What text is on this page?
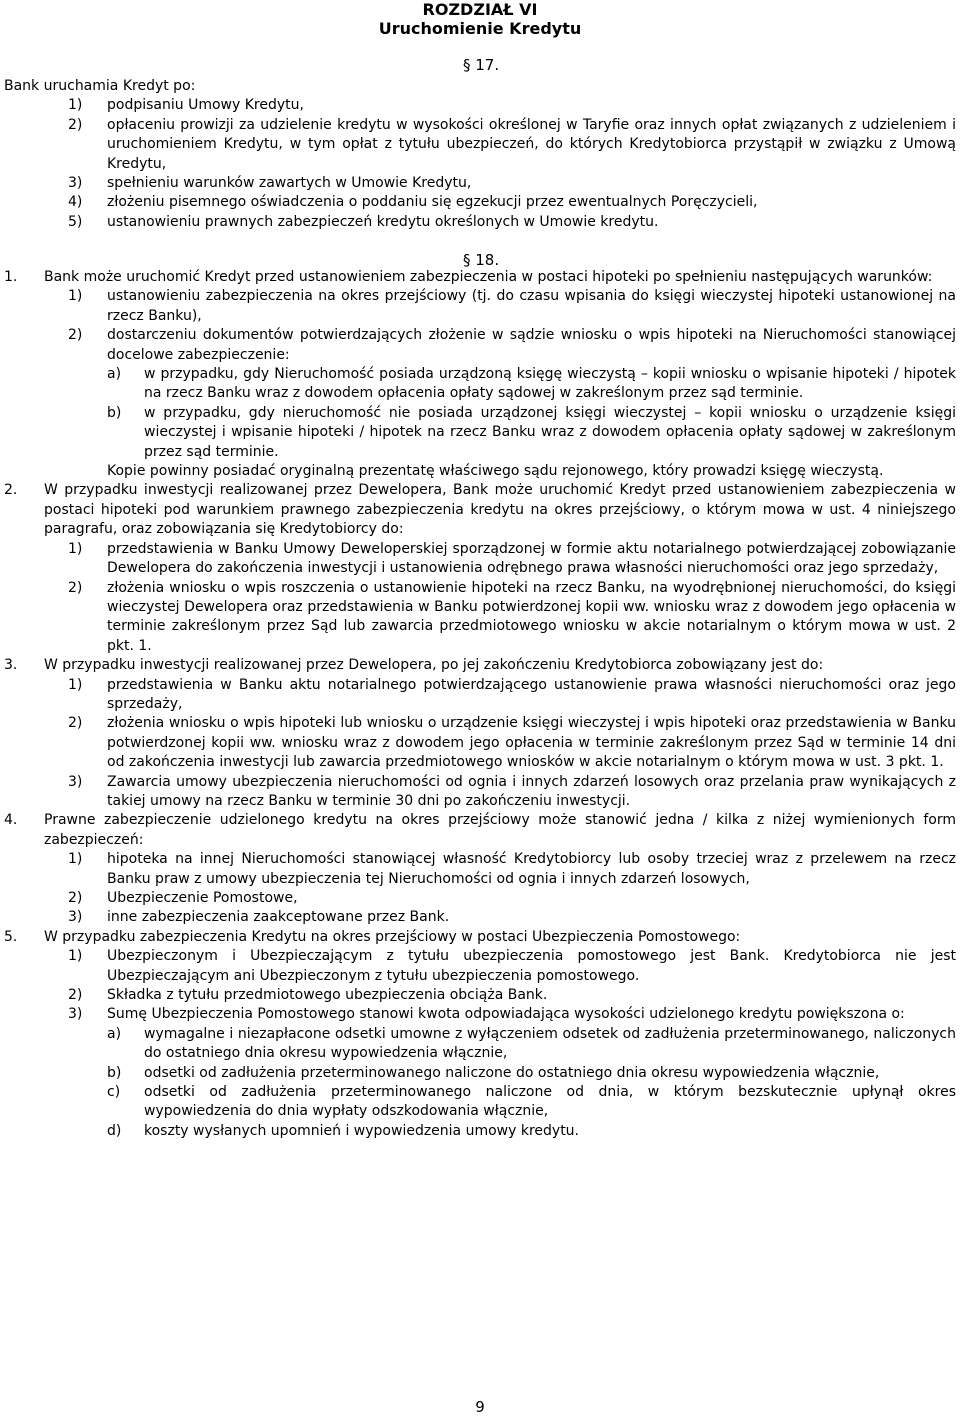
ROZDZIAŁ VI
Uruchomienie Kredytu
§ 17.
Bank uruchamia Kredyt po:
1) podpisaniu Umowy Kredytu,
2) opłaceniu prowizji za udzielenie kredytu w wysokości określonej w Taryfie oraz innych opłat związanych z udzieleniem i uruchomieniem Kredytu, w tym opłat z tytułu ubezpieczeń, do których Kredytobiorca przystąpił w związku z Umową Kredytu,
3) spełnieniu warunków zawartych w Umowie Kredytu,
4) złożeniu pisemnego oświadczenia o poddaniu się egzekucji przez ewentualnych Poręczycieli,
5) ustanowieniu prawnych zabezpieczeń kredytu określonych w Umowie kredytu.
§ 18.
1. Bank może uruchomić Kredyt przed ustanowieniem zabezpieczenia w postaci hipoteki po spełnieniu następujących warunków:
1) ustanowieniu zabezpieczenia na okres przejściowy (tj. do czasu wpisania do księgi wieczystej hipoteki ustanowionej na rzecz Banku),
2) dostarczeniu dokumentów potwierdzających złożenie w sądzie wniosku o wpis hipoteki na Nieruchomości stanowiącej docelowe zabezpieczenie:
a) w przypadku, gdy Nieruchomość posiada urządzoną księgę wieczystą – kopii wniosku o wpisanie hipoteki / hipotek na rzecz Banku wraz z dowodem opłacenia opłaty sądowej w zakreślonym przez sąd terminie.
b) w przypadku, gdy nieruchomość nie posiada urządzonej księgi wieczystej – kopii wniosku o urządzenie księgi wieczystej i wpisanie hipoteki / hipotek na rzecz Banku wraz z dowodem opłacenia opłaty sądowej w zakreślonym przez sąd terminie.
Kopie powinny posiadać oryginalną prezentatę właściwego sądu rejonowego, który prowadzi księgę wieczystą.
2. W przypadku inwestycji realizowanej przez Dewelopera, Bank może uruchomić Kredyt przed ustanowieniem zabezpieczenia w postaci hipoteki pod warunkiem prawnego zabezpieczenia kredytu na okres przejściowy, o którym mowa w ust. 4 niniejszego paragrafu, oraz zobowiązania się Kredytobiorcy do:
1) przedstawienia w Banku Umowy Deweloperskiej sporządzonej w formie aktu notarialnego potwierdzającej zobowiązanie Dewelopera do zakończenia inwestycji i ustanowienia odrębnego prawa własności nieruchomości oraz jego sprzedaży,
2) złożenia wniosku o wpis roszczenia o ustanowienie hipoteki na rzecz Banku, na wyodrębnionej nieruchomości, do księgi wieczystej Dewelopera oraz przedstawienia w Banku potwierdzonej kopii ww. wniosku wraz z dowodem jego opłacenia w terminie zakreślonym przez Sąd lub zawarcia przedmiotowego wniosku w akcie notarialnym o którym mowa w ust. 2 pkt. 1.
3. W przypadku inwestycji realizowanej przez Dewelopera, po jej zakończeniu Kredytobiorca zobowiązany jest do:
1) przedstawienia w Banku aktu notarialnego potwierdzającego ustanowienie prawa własności nieruchomości oraz jego sprzedaży,
2) złożenia wniosku o wpis hipoteki lub wniosku o urządzenie księgi wieczystej i wpis hipoteki oraz przedstawienia w Banku potwierdzonej kopii ww. wniosku wraz z dowodem jego opłacenia w terminie zakreślonym przez Sąd w terminie 14 dni od zakończenia inwestycji lub zawarcia przedmiotowego wniosków w akcie notarialnym o którym mowa w ust. 3 pkt. 1.
3) Zawarcia umowy ubezpieczenia nieruchomości od ognia i innych zdarzeń losowych oraz przelania praw wynikających z takiej umowy na rzecz Banku w terminie 30 dni po zakończeniu inwestycji.
4. Prawne zabezpieczenie udzielonego kredytu na okres przejściowy może stanowić jedna / kilka z niżej wymienionych form zabezpieczeń:
1) hipoteka na innej Nieruchomości stanowiącej własność Kredytobiorcy lub osoby trzeciej wraz z przelewem na rzecz Banku praw z umowy ubezpieczenia tej Nieruchomości od ognia i innych zdarzeń losowych,
2) Ubezpieczenie Pomostowe,
3) inne zabezpieczenia zaakceptowane przez Bank.
5. W przypadku zabezpieczenia Kredytu na okres przejściowy w postaci Ubezpieczenia Pomostowego:
1) Ubezpieczonym i Ubezpieczającym z tytułu ubezpieczenia pomostowego jest Bank. Kredytobiorca nie jest Ubezpieczającym ani Ubezpieczonym z tytułu ubezpieczenia pomostowego.
2) Składka z tytułu przedmiotowego ubezpieczenia obciąża Bank.
3) Sumę Ubezpieczenia Pomostowego stanowi kwota odpowiadająca wysokości udzielonego kredytu powiększona o:
a) wymagalne i niezapłacone odsetki umowne z wyłączeniem odsetek od zadłużenia przeterminowanego, naliczonych do ostatniego dnia okresu wypowiedzenia włącznie,
b) odsetki od zadłużenia przeterminowanego naliczone do ostatniego dnia okresu wypowiedzenia włącznie,
c) odsetki od zadłużenia przeterminowanego naliczone od dnia, w którym bezskutecznie upłynął okres wypowiedzenia do dnia wypłaty odszkodowania włącznie,
d) koszty wysłanych upomnień i wypowiedzenia umowy kredytu.
9
